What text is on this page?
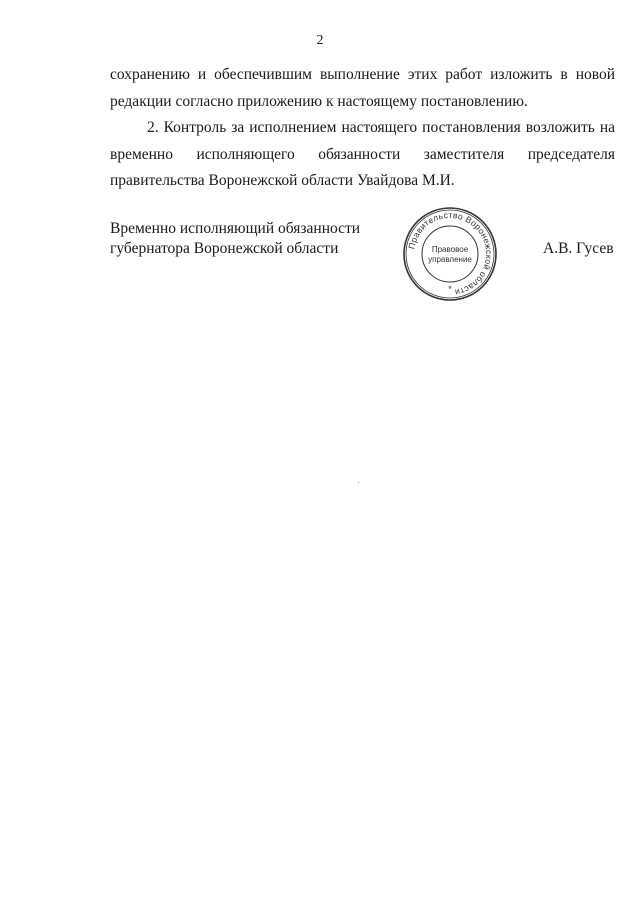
2
сохранению и обеспечившим выполнение этих работ изложить в новой
редакции согласно приложению к настоящему постановлению.
2. Контроль за исполнением настоящего постановления возложить на
временно исполняющего обязанности заместителя председателя
правительства Воронежской области Увайдова М.И.
Временно исполняющий обязанности
губернатора Воронежской области	Правительство Воронежской области
Правовое
управление
*
А.В. Гусев
